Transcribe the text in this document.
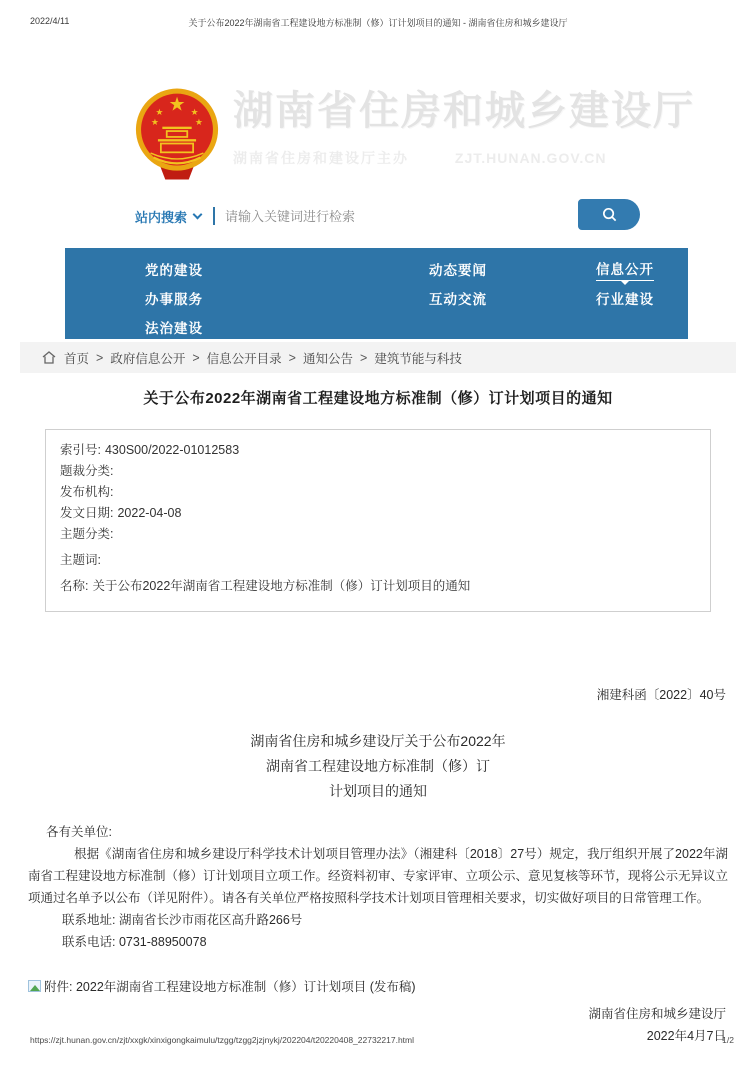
2022/4/11	关于公布2022年湖南省工程建设地方标准制（修）订计划项目的通知 - 湖南省住房和城乡建设厅
★
★
★
★
★ 湖南省住房和城乡建设厅
湖南省住房和建设厅主办	ZJT.HUNAN.GOV.CN
站内搜索
请输入关键词进行检索
党的建设	动态要闻	信息公开
办事服务	互动交流	行业建设
法治建设
首页 > 政府信息公开 > 信息公开目录 > 通知公告 > 建筑节能与科技
关于公布2022年湖南省工程建设地方标准制（修）订计划项目的通知
索引号: 430S00/2022-01012583
题裁分类:
发布机构:
发文日期: 2022-04-08
主题分类:
主题词:
名称: 关于公布2022年湖南省工程建设地方标准制（修）订计划项目的通知
湘建科函〔2022〕40号
湖南省住房和城乡建设厅关于公布2022年
湖南省工程建设地方标准制（修）订
计划项目的通知
各有关单位:
根据《湖南省住房和城乡建设厅科学技术计划项目管理办法》（湘建科〔2018〕27号）规定，我厅组织开展了2022年湖南省工程建设地方标准制（修）订计划项目立项工作。经资料初审、专家评审、立项公示、意见复核等环节，现将公示无异议立项通过名单予以公布（详见附件）。请各有关单位严格按照科学技术计划项目管理相关要求，切实做好项目的日常管理工作。
联系地址: 湖南省长沙市雨花区高升路266号
联系电话: 0731-88950078
附件:
2022年湖南省工程建设地方标准制（修）订计划项目 (发布稿)
湖南省住房和城乡建设厅
2022年4月7日
https://zjt.hunan.gov.cn/zjt/xxgk/xinxigongkaimulu/tzgg/tzgg2jzjnykj/202204/t20220408_22732217.html	1/2
